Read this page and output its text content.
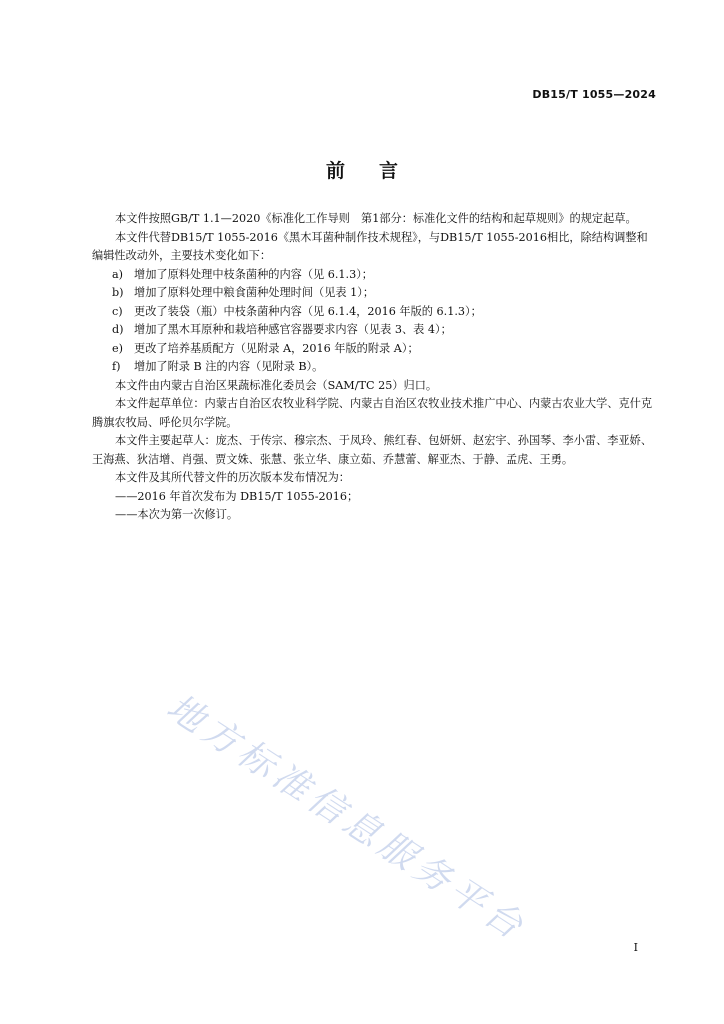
DB15/T 1055—2024
前 言

本文件按照GB/T 1.1—2020《标准化工作导则　第1部分：标准化文件的结构和起草规则》的规定起草。

本文件代替DB15/T 1055-2016《黑木耳菌种制作技术规程》，与DB15/T 1055-2016相比，除结构调整和编辑性改动外，主要技术变化如下：

a) 增加了原料处理中枝条菌种的内容（见 6.1.3）；

b) 增加了原料处理中粮食菌种处理时间（见表 1）；

c) 更改了装袋（瓶）中枝条菌种内容（见 6.1.4，2016 年版的 6.1.3）；

d) 增加了黑木耳原种和栽培种感官容器要求内容（见表 3、表 4）；

e) 更改了培养基质配方（见附录 A，2016 年版的附录 A）；

f) 增加了附录 B 注的内容（见附录 B）。

本文件由内蒙古自治区果蔬标准化委员会（SAM/TC 25）归口。

本文件起草单位：内蒙古自治区农牧业科学院、内蒙古自治区农牧业技术推广中心、内蒙古农业大学、克什克腾旗农牧局、呼伦贝尔学院。

本文件主要起草人：庞杰、于传宗、穆宗杰、于凤玲、熊红春、包妍妍、赵宏宇、孙国琴、李小雷、李亚娇、王海燕、狄洁增、肖强、贾文姝、张慧、张立华、康立茹、乔慧蕾、解亚杰、于静、孟虎、王勇。

本文件及其所代替文件的历次版本发布情况为：

——2016 年首次发布为 DB15/T 1055-2016；

——本次为第一次修订。

地方标准信息服务平台	I
